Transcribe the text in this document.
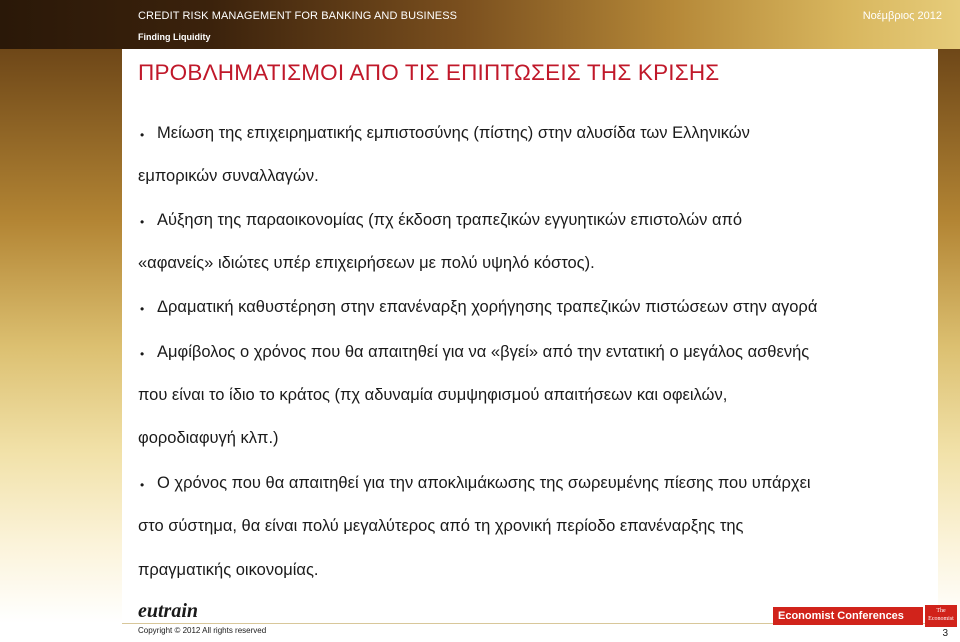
CREDIT RISK MANAGEMENT FOR BANKING AND BUSINESS	Νοέμβριος 2012
Finding Liquidity
ΠΡΟΒΛΗΜΑΤΙΣΜΟΙ ΑΠΟ ΤΙΣ ΕΠΙΠΤΩΣΕΙΣ ΤΗΣ ΚΡΙΣΗΣ
• Μείωση της επιχειρηματικής εμπιστοσύνης (πίστης) στην αλυσίδα των Ελληνικών
εμπορικών συναλλαγών.
• Αύξηση της παραοικονομίας (πχ έκδοση τραπεζικών εγγυητικών επιστολών από
«αφανείς» ιδιώτες υπέρ επιχειρήσεων με πολύ υψηλό κόστος).
• Δραματική καθυστέρηση στην επανέναρξη χορήγησης τραπεζικών πιστώσεων στην αγορά
• Αμφίβολος ο χρόνος που θα απαιτηθεί για να «βγεί» από την εντατική ο μεγάλος ασθενής
που είναι το ίδιο το κράτος (πχ αδυναμία συμψηφισμού απαιτήσεων και οφειλών,
φοροδιαφυγή κλπ.)
• Ο χρόνος που θα απαιτηθεί για την αποκλιμάκωσης της σωρευμένης πίεσης που υπάρχει
στο σύστημα, θα είναι πολύ μεγαλύτερος από τη χρονική περίοδο επανέναρξης της
πραγματικής οικονομίας.
eutrain
Copyright © 2012 All rights reserved
Economist Conferences	The
Economist
3
